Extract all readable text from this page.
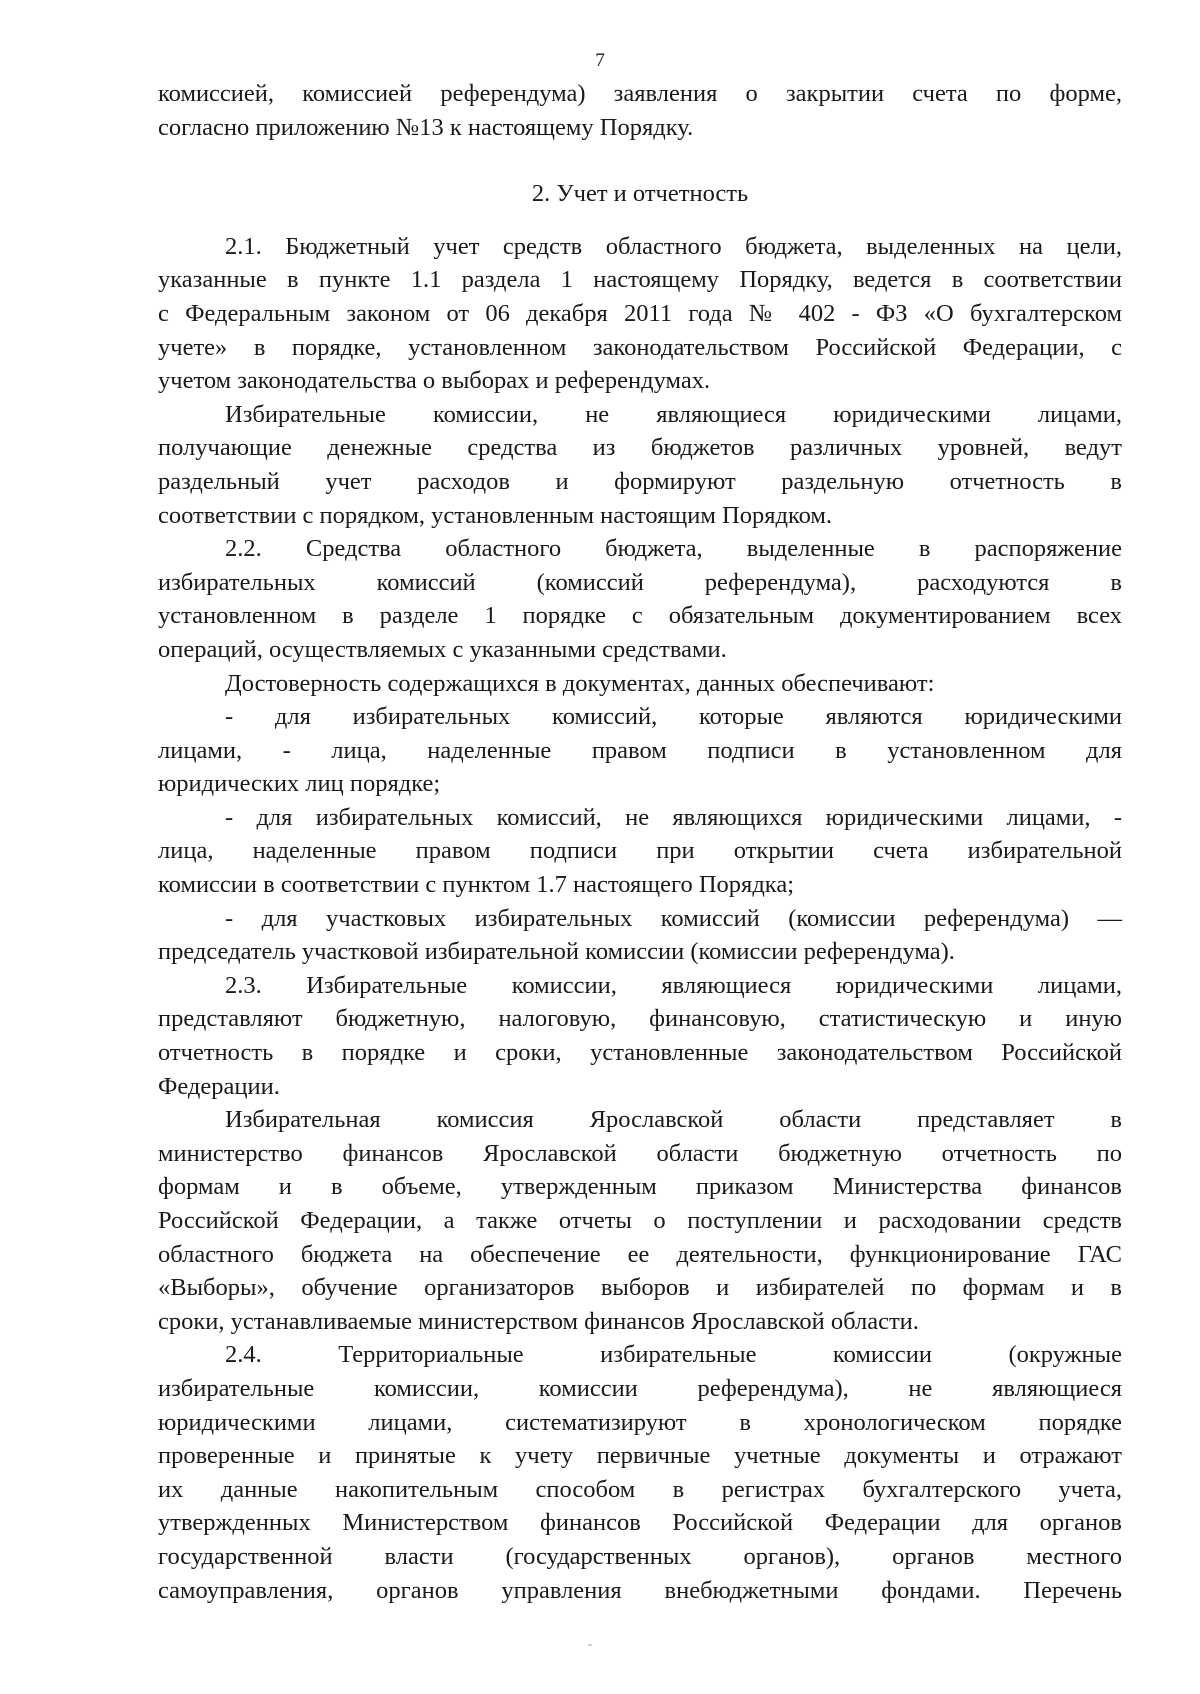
7
комиссией, комиссией референдума) заявления о закрытии счета по форме,
согласно приложению №13 к настоящему Порядку.

2. Учет и отчетность

2.1. Бюджетный учет средств областного бюджета, выделенных на цели,
указанные в пункте 1.1 раздела 1 настоящему Порядку, ведется в соответствии
с Федеральным законом от 06 декабря 2011 года № 402 - ФЗ «О бухгалтерском
учете» в порядке, установленном законодательством Российской Федерации, с
учетом законодательства о выборах и референдумах.
Избирательные комиссии, не являющиеся юридическими лицами,
получающие денежные средства из бюджетов различных уровней, ведут
раздельный учет расходов и формируют раздельную отчетность в
соответствии с порядком, установленным настоящим Порядком.
2.2. Средства областного бюджета, выделенные в распоряжение
избирательных комиссий (комиссий референдума), расходуются в
установленном в разделе 1 порядке с обязательным документированием всех
операций, осуществляемых с указанными средствами.
Достоверность содержащихся в документах, данных обеспечивают:
- для избирательных комиссий, которые являются юридическими
лицами, - лица, наделенные правом подписи в установленном для
юридических лиц порядке;
- для избирательных комиссий, не являющихся юридическими лицами, -
лица, наделенные правом подписи при открытии счета избирательной
комиссии в соответствии с пунктом 1.7 настоящего Порядка;
- для участковых избирательных комиссий (комиссии референдума) —
председатель участковой избирательной комиссии (комиссии референдума).
2.3. Избирательные комиссии, являющиеся юридическими лицами,
представляют бюджетную, налоговую, финансовую, статистическую и иную
отчетность в порядке и сроки, установленные законодательством Российской
Федерации.
Избирательная комиссия Ярославской области представляет в
министерство финансов Ярославской области бюджетную отчетность по
формам и в объеме, утвержденным приказом Министерства финансов
Российской Федерации, а также отчеты о поступлении и расходовании средств
областного бюджета на обеспечение ее деятельности, функционирование ГАС
«Выборы», обучение организаторов выборов и избирателей по формам и в
сроки, устанавливаемые министерством финансов Ярославской области.
2.4. Территориальные избирательные комиссии (окружные
избирательные комиссии, комиссии референдума), не являющиеся
юридическими лицами, систематизируют в хронологическом порядке
проверенные и принятые к учету первичные учетные документы и отражают
их данные накопительным способом в регистрах бухгалтерского учета,
утвержденных Министерством финансов Российской Федерации для органов
государственной власти (государственных органов), органов местного
самоуправления, органов управления внебюджетными фондами. Перечень
